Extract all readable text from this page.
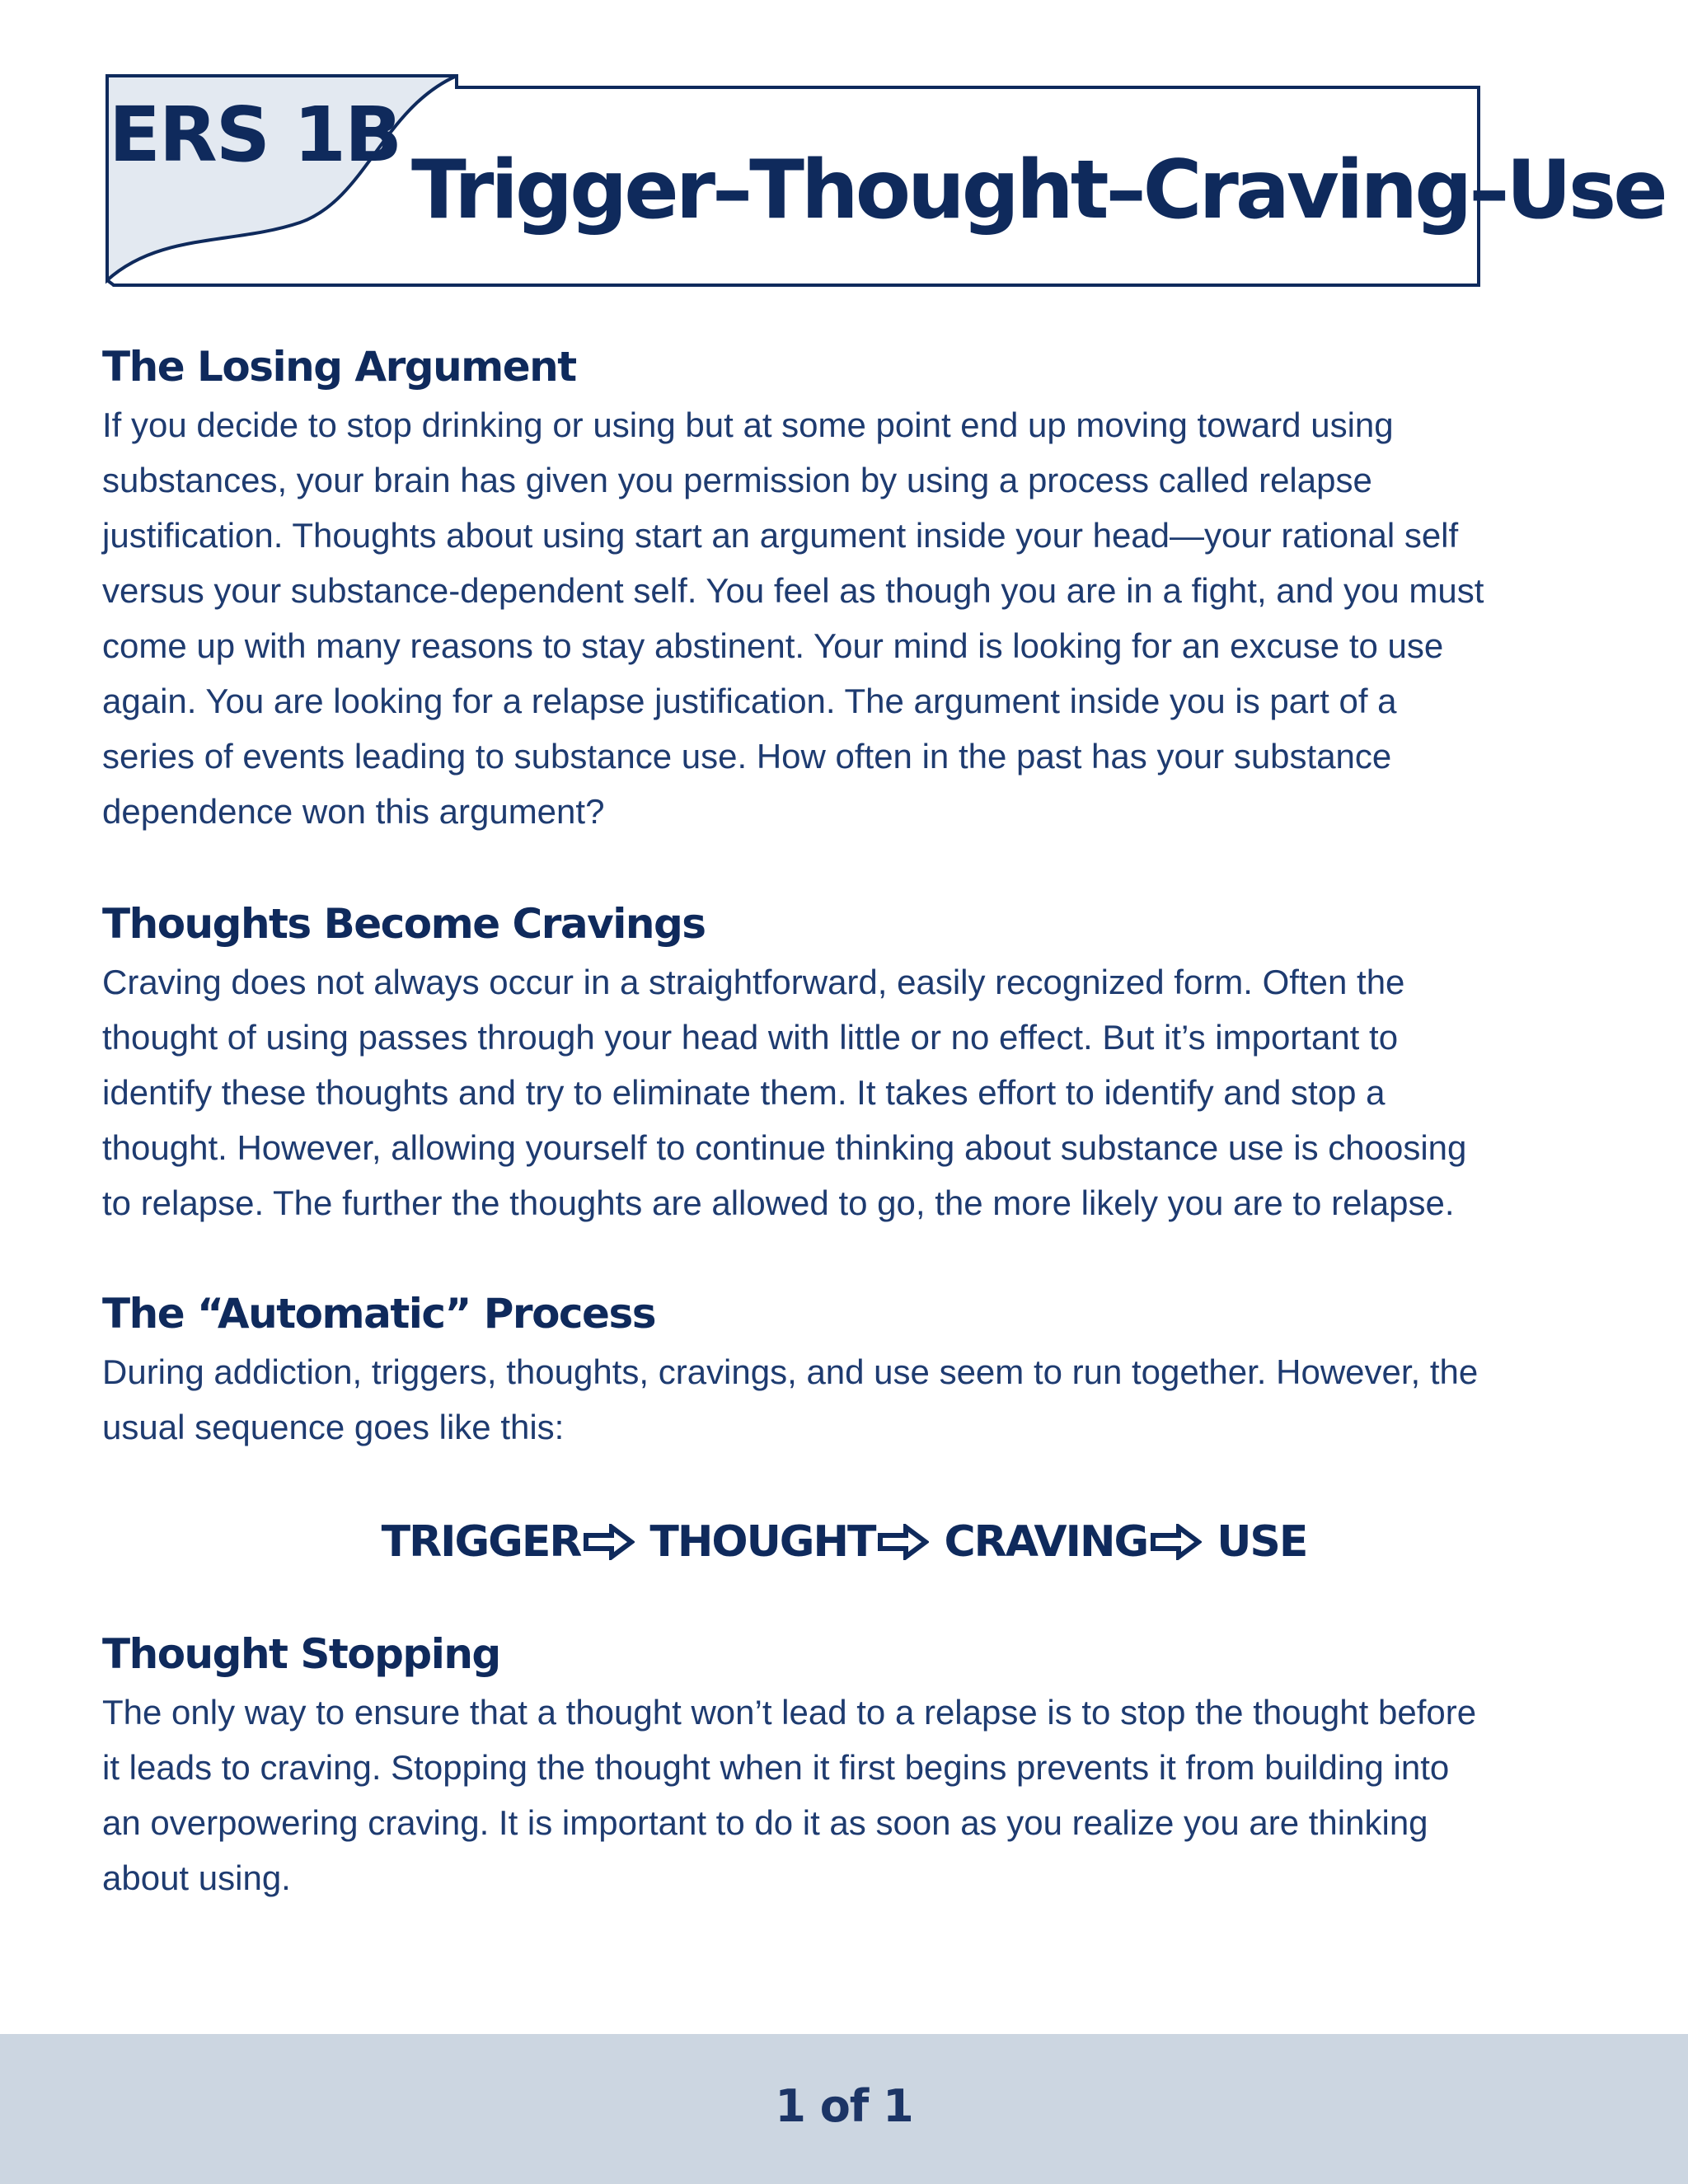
ERS 1B
Trigger–Thought–Craving–Use
The Losing Argument

If you decide to stop drinking or using but at some point end up moving toward using substances, your brain has given you permission by using a process called relapse justification. Thoughts about using start an argument inside your head—your rational self versus your substance-dependent self. You feel as though you are in a fight, and you must come up with many reasons to stay abstinent. Your mind is looking for an excuse to use again. You are looking for a relapse justification. The argument inside you is part of a series of events leading to substance use. How often in the past has your substance dependence won this argument?

Thoughts Become Cravings

Craving does not always occur in a straightforward, easily recognized form. Often the thought of using passes through your head with little or no effect. But it’s important to identify these thoughts and try to eliminate them. It takes effort to identify and stop a thought. However, allowing yourself to continue thinking about substance use is choosing to relapse. The further the thoughts are allowed to go, the more likely you are to relapse.

The “Automatic” Process

During addiction, triggers, thoughts, cravings, and use seem to run together. However, the usual sequence goes like this:

TRIGGER THOUGHT CRAVING USE
Thought Stopping

The only way to ensure that a thought won’t lead to a relapse is to stop the thought before it leads to craving. Stopping the thought when it first begins prevents it from building into an overpowering craving. It is important to do it as soon as you realize you are thinking about using.

1 of 1
